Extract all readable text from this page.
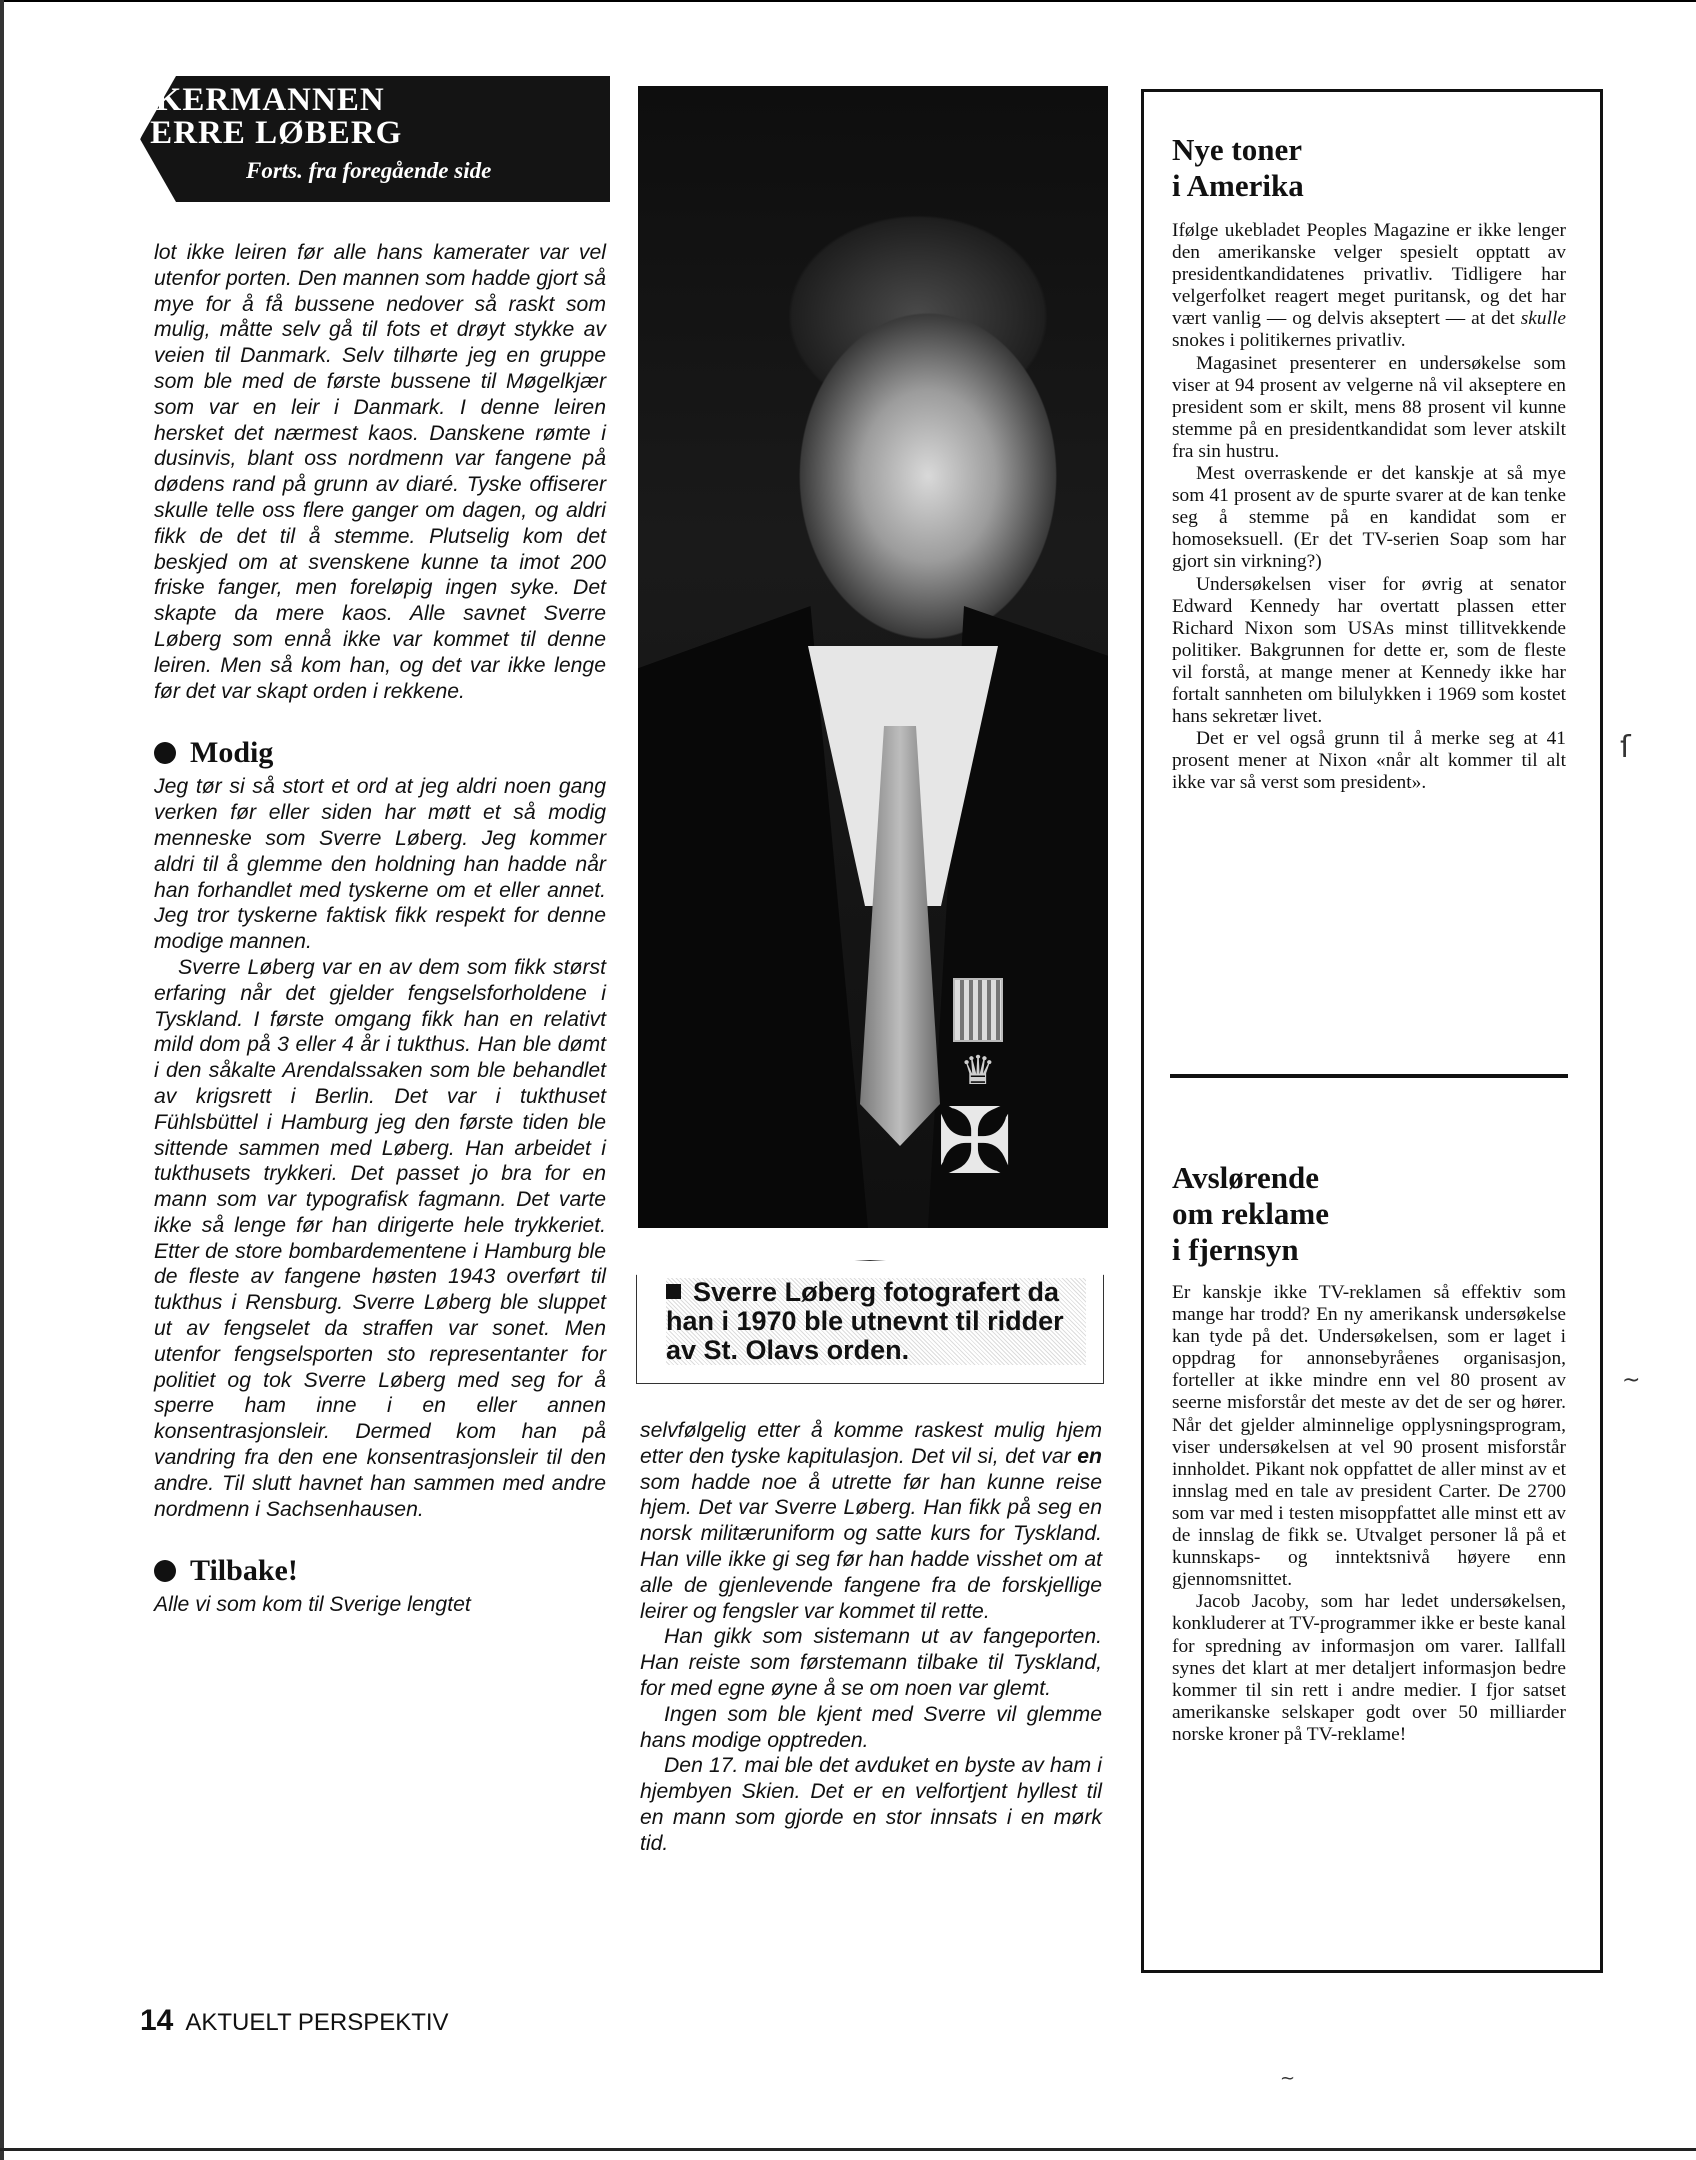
ANKERMANNEN
SVERRE LØBERG
Forts. fra foregående side

lot ikke leiren før alle hans kamerater var vel utenfor porten. Den mannen som hadde gjort så mye for å få bussene nedover så raskt som mulig, måtte selv gå til fots et drøyt stykke av veien til Danmark. Selv tilhørte jeg en gruppe som ble med de første bussene til Møgelkjær som var en leir i Danmark. I denne leiren hersket det nærmest kaos. Danskene rømte i dusinvis, blant oss nordmenn var fangene på dødens rand på grunn av diaré. Tyske offiserer skulle telle oss flere ganger om dagen, og aldri fikk de det til å stemme. Plutselig kom det beskjed om at svenskene kunne ta imot 200 friske fanger, men foreløpig ingen syke. Det skapte da mere kaos. Alle savnet Sverre Løberg som ennå ikke var kommet til denne leiren. Men så kom han, og det var ikke lenge før det var skapt orden i rekkene.

Modig

Jeg tør si så stort et ord at jeg aldri noen gang verken før eller siden har møtt et så modig menneske som Sverre Løberg. Jeg kommer aldri til å glemme den holdning han hadde når han forhandlet med tyskerne om et eller annet. Jeg tror tyskerne faktisk fikk respekt for denne modige mannen.

Sverre Løberg var en av dem som fikk størst erfaring når det gjelder fengselsforholdene i Tyskland. I første omgang fikk han en relativt mild dom på 3 eller 4 år i tukthus. Han ble dømt i den såkalte Arendalssaken som ble behandlet av krigsrett i Berlin. Det var i tukthuset Fühlsbüttel i Hamburg jeg den første tiden ble sittende sammen med Løberg. Han arbeidet i tukthusets trykkeri. Det passet jo bra for en mann som var typografisk fagmann. Det varte ikke så lenge før han dirigerte hele trykkeriet. Etter de store bombardementene i Hamburg ble de fleste av fangene høsten 1943 overført til tukthus i Rensburg. Sverre Løberg ble sluppet ut av fengselet da straffen var sonet. Men utenfor fengselsporten sto representanter for politiet og tok Sverre Løberg med seg for å sperre ham inne i en eller annen konsentrasjonsleir. Dermed kom han på vandring fra den ene konsentrasjonsleir til den andre. Til slutt havnet han sammen med andre nordmenn i Sachsenhausen.

Tilbake!

Alle vi som kom til Sverige lengtet

♛
✠
Sverre Løberg fotografert da han i 1970 ble utnevnt til ridder av St. Olavs orden.

selvfølgelig etter å komme raskest mulig hjem etter den tyske kapitulasjon. Det vil si, det var en som hadde noe å utrette før han kunne reise hjem. Det var Sverre Løberg. Han fikk på seg en norsk militæruniform og satte kurs for Tyskland. Han ville ikke gi seg før han hadde visshet om at alle de gjenlevende fangene fra de forskjellige leirer og fengsler var kommet til rette.

Han gikk som sistemann ut av fangeporten. Han reiste som førstemann tilbake til Tyskland, for med egne øyne å se om noen var glemt.

Ingen som ble kjent med Sverre vil glemme hans modige opptreden.

Den 17. mai ble det avduket en byste av ham i hjembyen Skien. Det er en velfortjent hyllest til en mann som gjorde en stor innsats i en mørk tid.

Nye toner
i Amerika

Ifølge ukebladet Peoples Magazine er ikke lenger den amerikanske velger spesielt opptatt av presidentkandidatenes privatliv. Tidligere har velgerfolket reagert meget puritansk, og det har vært vanlig — og delvis akseptert — at det skulle snokes i politikernes privatliv.

Magasinet presenterer en undersøkelse som viser at 94 prosent av velgerne nå vil akseptere en president som er skilt, mens 88 prosent vil kunne stemme på en presidentkandidat som lever atskilt fra sin hustru.

Mest overraskende er det kanskje at så mye som 41 prosent av de spurte svarer at de kan tenke seg å stemme på en kandidat som er homoseksuell. (Er det TV-serien Soap som har gjort sin virkning?)

Undersøkelsen viser for øvrig at senator Edward Kennedy har overtatt plassen etter Richard Nixon som USAs minst tillitvekkende politiker. Bakgrunnen for dette er, som de fleste vil forstå, at mange mener at Kennedy ikke har fortalt sannheten om bilulykken i 1969 som kostet hans sekretær livet.

Det er vel også grunn til å merke seg at 41 prosent mener at Nixon «når alt kommer til alt ikke var så verst som president».

Avslørende
om reklame
i fjernsyn

Er kanskje ikke TV-reklamen så effektiv som mange har trodd? En ny amerikansk undersøkelse kan tyde på det. Undersøkelsen, som er laget i oppdrag for annonsebyråenes organisasjon, forteller at ikke mindre enn vel 80 prosent av seerne misforstår det meste av det de ser og hører. Når det gjelder alminnelige opplysningsprogram, viser undersøkelsen at vel 90 prosent misforstår innholdet. Pikant nok oppfattet de aller minst av et innslag med en tale av president Carter. De 2700 som var med i testen misoppfattet alle minst ett av de innslag de fikk se. Utvalget personer lå på et kunnskaps- og inntektsnivå høyere enn gjennomsnittet.

Jacob Jacoby, som har ledet undersøkelsen, konkluderer at TV-programmer ikke er beste kanal for spredning av informasjon om varer. Iallfall synes det klart at mer detaljert informasjon bedre kommer til sin rett i andre medier. I fjor satset amerikanske selskaper godt over 50 milliarder norske kroner på TV-reklame!

14 AKTUELT PERSPEKTIV
ſ
~
~
